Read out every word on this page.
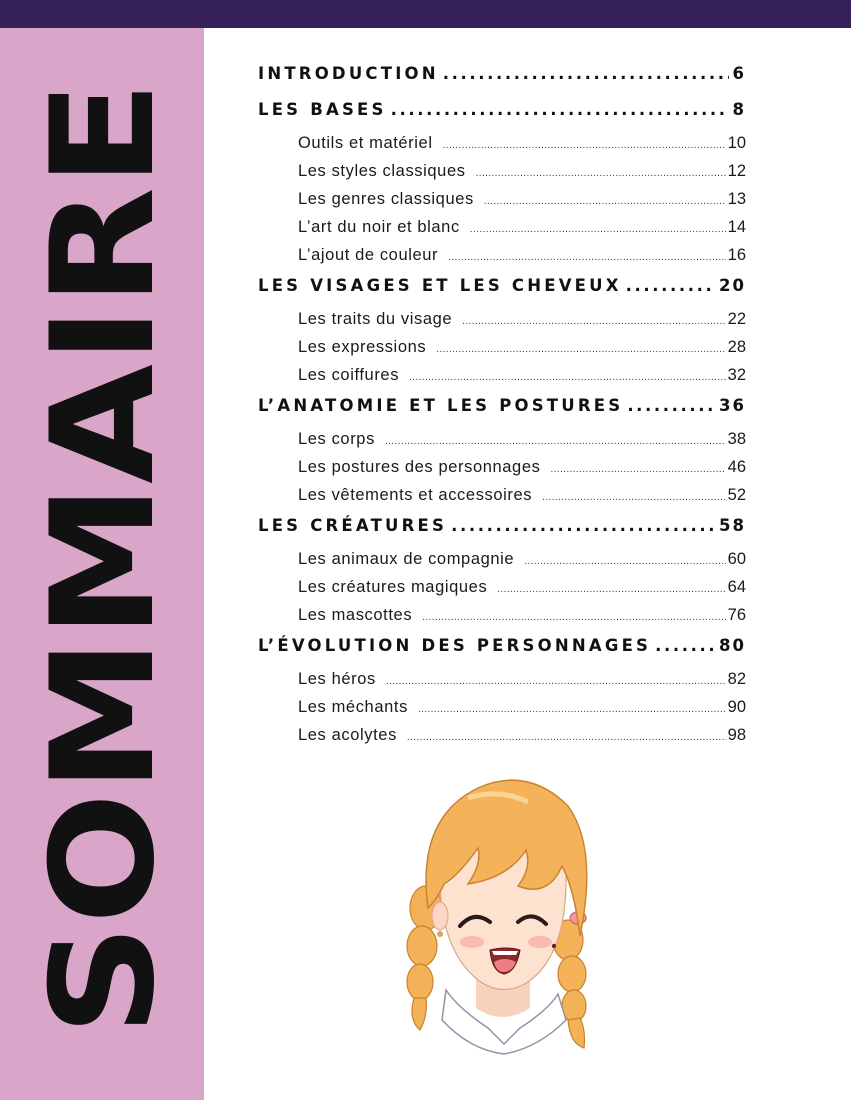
SOMMAIRE
INTRODUCTION .....	6
LES BASES .....	8
Outils et matériel .....	10
Les styles classiques .....	12
Les genres classiques .....	13
L’art du noir et blanc .....	14
L’ajout de couleur .....	16
LES VISAGES ET LES CHEVEUX .....	20
Les traits du visage .....	22
Les expressions .....	28
Les coiffures .....	32
L’ANATOMIE ET LES POSTURES .....	36
Les corps .....	38
Les postures des personnages .....	46
Les vêtements et accessoires .....	52
LES CRÉATURES .....	58
Les animaux de compagnie .....	60
Les créatures magiques .....	64
Les mascottes .....	76
L’ÉVOLUTION DES PERSONNAGES .....	80
Les héros .....	82
Les méchants .....	90
Les acolytes .....	98
